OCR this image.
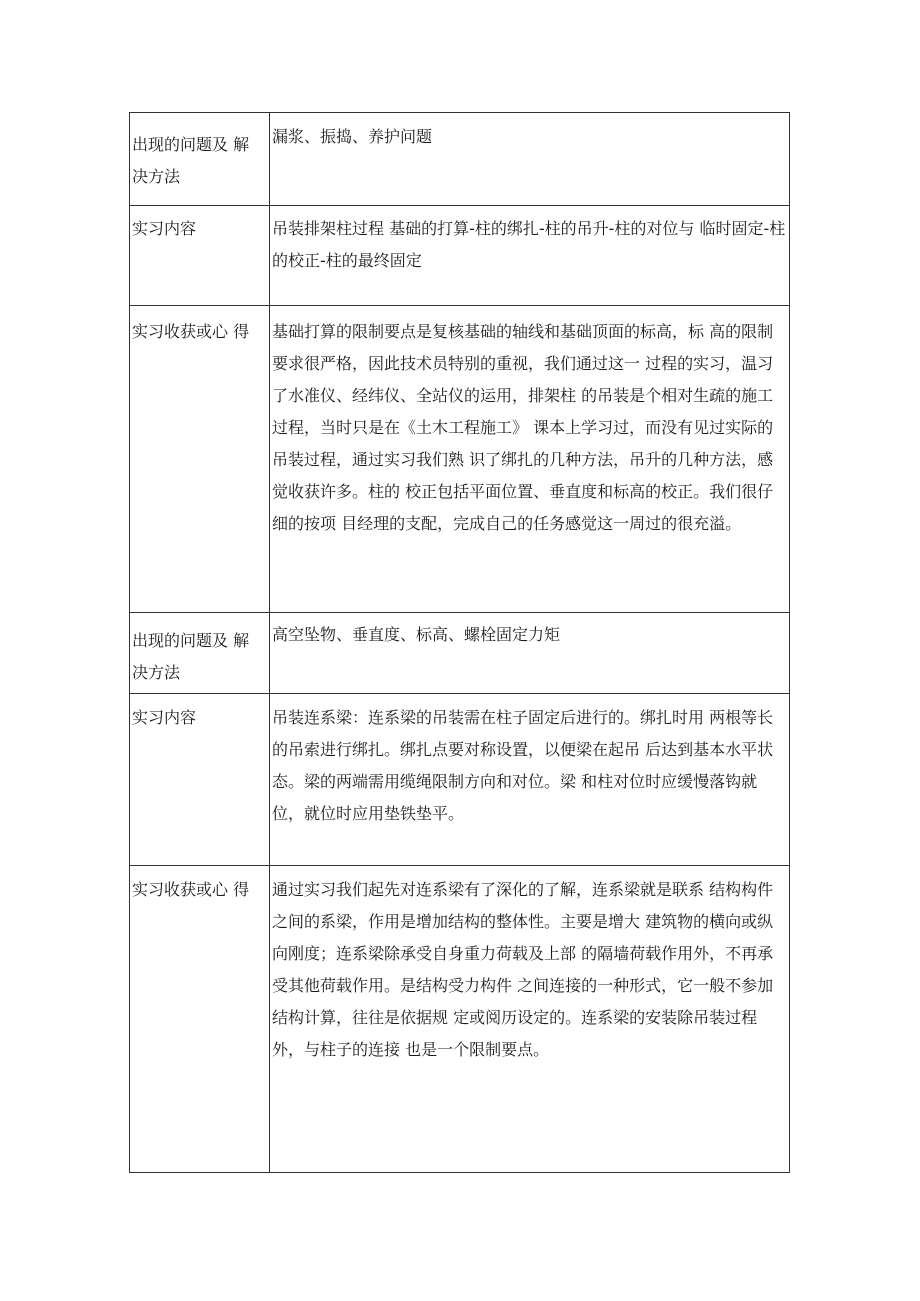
出现的问题及 解决方法	漏浆、振捣、养护问题

实习内容	吊装排架柱过程 基础的打算-柱的绑扎-柱的吊升-柱的对位与 临时固定-柱的校正-柱的最终固定

实习收获或心 得	基础打算的限制要点是复核基础的轴线和基础顶面的标高，标 高的限制要求很严格，因此技术员特别的重视，我们通过这一 过程的实习，温习了水准仪、经纬仪、全站仪的运用，排架柱 的吊装是个相对生疏的施工过程，当时只是在《土木工程施工》 课本上学习过，而没有见过实际的吊装过程，通过实习我们熟 识了绑扎的几种方法，吊升的几种方法，感觉收获许多。柱的 校正包括平面位置、垂直度和标高的校正。我们很仔细的按项 目经理的支配，完成自己的任务感觉这一周过的很充溢。

出现的问题及 解决方法	高空坠物、垂直度、标高、螺栓固定力矩

实习内容	吊装连系梁：连系梁的吊装需在柱子固定后进行的。绑扎时用 两根等长的吊索进行绑扎。绑扎点要对称设置，以便梁在起吊 后达到基本水平状态。梁的两端需用缆绳限制方向和对位。梁 和柱对位时应缓慢落钩就位，就位时应用垫铁垫平。

实习收获或心 得	通过实习我们起先对连系梁有了深化的了解，连系梁就是联系 结构构件之间的系梁，作用是增加结构的整体性。主要是增大 建筑物的横向或纵向刚度；连系梁除承受自身重力荷载及上部 的隔墙荷载作用外，不再承受其他荷载作用。是结构受力构件 之间连接的一种形式，它一般不参加结构计算，往往是依据规 定或阅历设定的。连系梁的安装除吊装过程外，与柱子的连接 也是一个限制要点。
